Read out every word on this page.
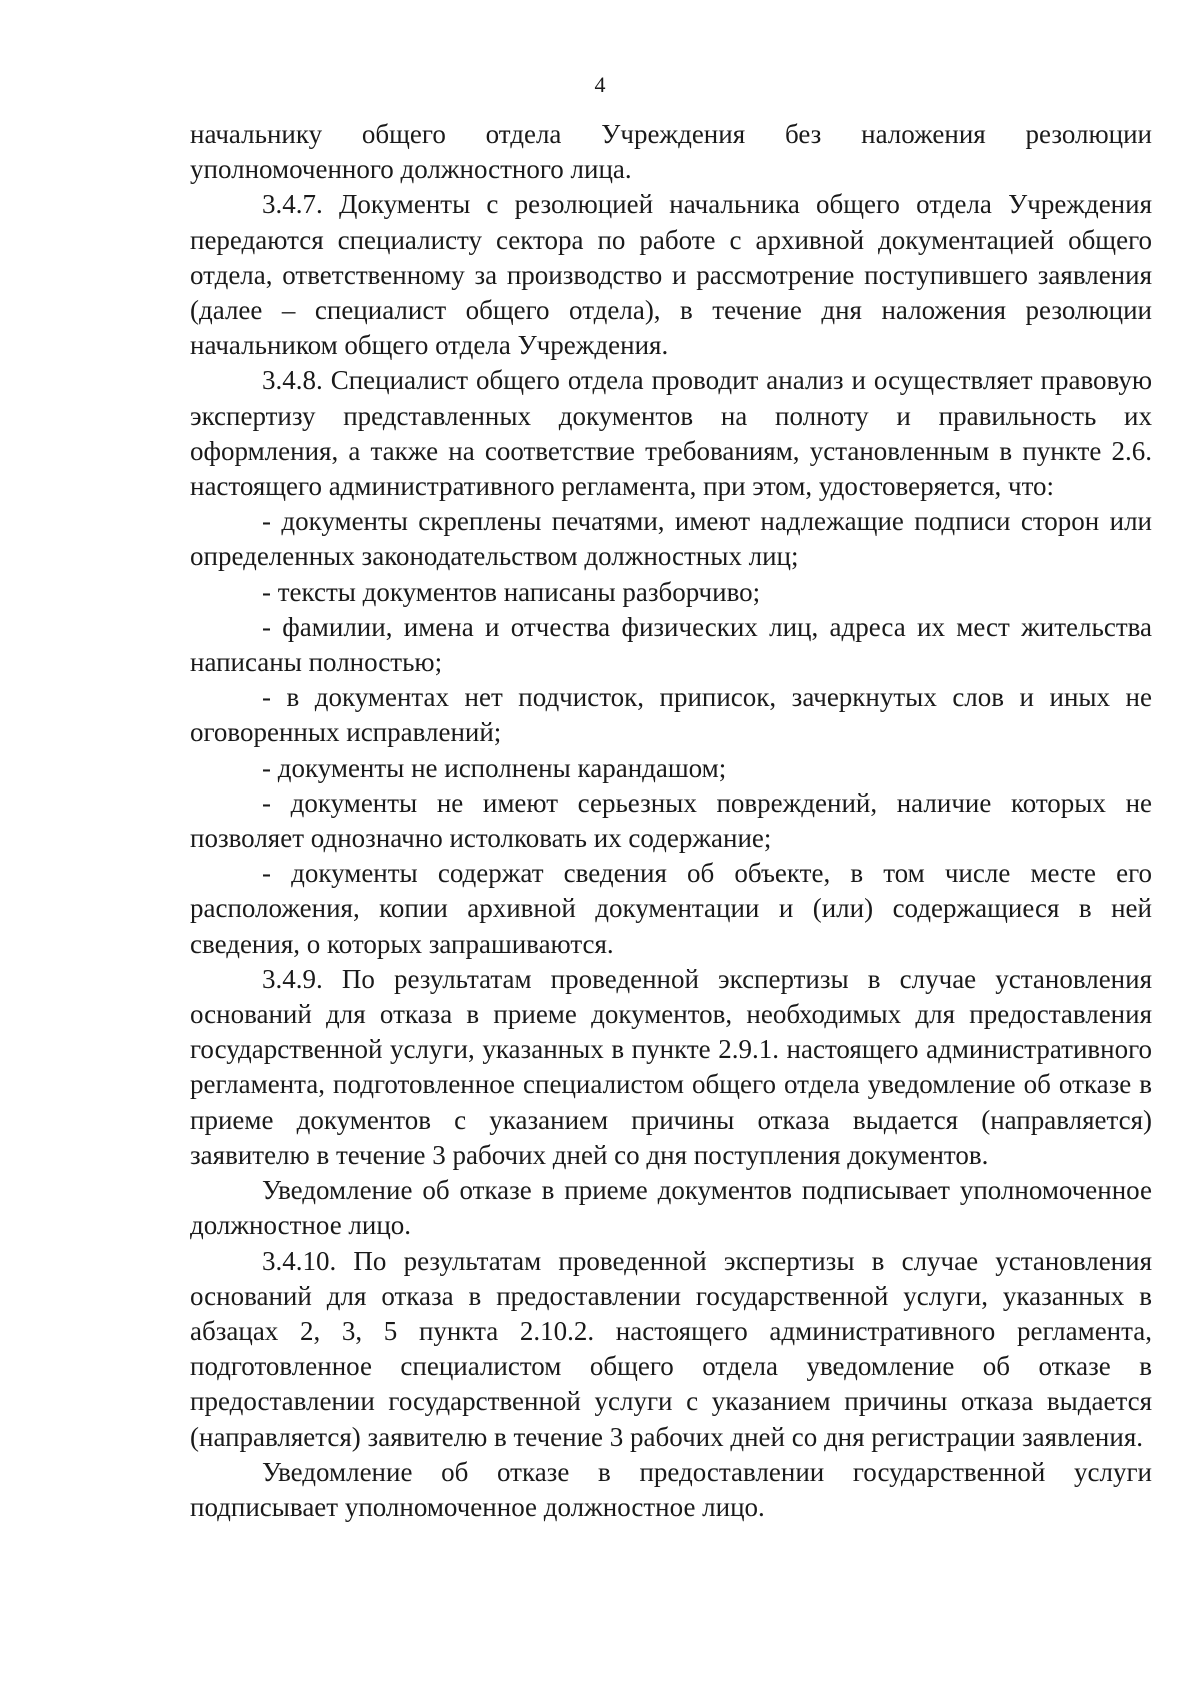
4

начальнику общего отдела Учреждения без наложения резолюции уполномоченного должностного лица.

3.4.7. Документы с резолюцией начальника общего отдела Учреждения передаются специалисту сектора по работе с архивной документацией общего отдела, ответственному за производство и рассмотрение поступившего заявления (далее – специалист общего отдела), в течение дня наложения резолюции начальником общего отдела Учреждения.

3.4.8. Специалист общего отдела проводит анализ и осуществляет правовую экспертизу представленных документов на полноту и правильность их оформления, а также на соответствие требованиям, установленным в пункте 2.6. настоящего административного регламента, при этом, удостоверяется, что:

- документы скреплены печатями, имеют надлежащие подписи сторон или определенных законодательством должностных лиц;

- тексты документов написаны разборчиво;

- фамилии, имена и отчества физических лиц, адреса их мест жительства написаны полностью;

- в документах нет подчисток, приписок, зачеркнутых слов и иных не оговоренных исправлений;

- документы не исполнены карандашом;

- документы не имеют серьезных повреждений, наличие которых не позволяет однозначно истолковать их содержание;

- документы содержат сведения об объекте, в том числе месте его расположения, копии архивной документации и (или) содержащиеся в ней сведения, о которых запрашиваются.

3.4.9. По результатам проведенной экспертизы в случае установления оснований для отказа в приеме документов, необходимых для предоставления государственной услуги, указанных в пункте 2.9.1. настоящего административного регламента, подготовленное специалистом общего отдела уведомление об отказе в приеме документов с указанием причины отказа выдается (направляется) заявителю в течение 3 рабочих дней со дня поступления документов.

Уведомление об отказе в приеме документов подписывает уполномоченное должностное лицо.

3.4.10. По результатам проведенной экспертизы в случае установления оснований для отказа в предоставлении государственной услуги, указанных в абзацах 2, 3, 5 пункта 2.10.2. настоящего административного регламента, подготовленное специалистом общего отдела уведомление об отказе в предоставлении государственной услуги с указанием причины отказа выдается (направляется) заявителю в течение 3 рабочих дней со дня регистрации заявления.

Уведомление об отказе в предоставлении государственной услуги подписывает уполномоченное должностное лицо.
